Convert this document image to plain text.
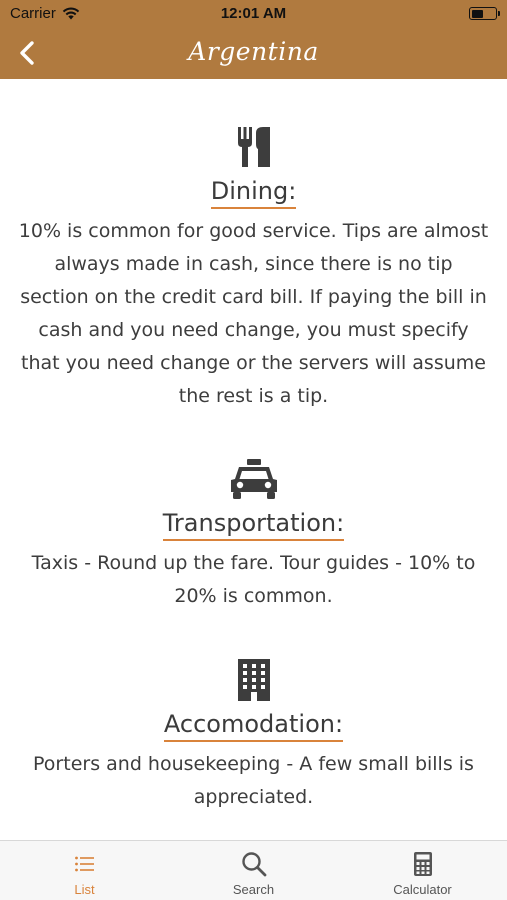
Carrier	12:01 AM
Argentina
Dining:
10% is common for good service. Tips are almost always made in cash, since there is no tip section on the credit card bill. If paying the bill in cash and you need change, you must specify that you need change or the servers will assume the rest is a tip.
Transportation:
Taxis - Round up the fare. Tour guides - 10% to 20% is common.
Accomodation:
Porters and housekeeping - A few small bills is appreciated.
List	Search	Calculator
